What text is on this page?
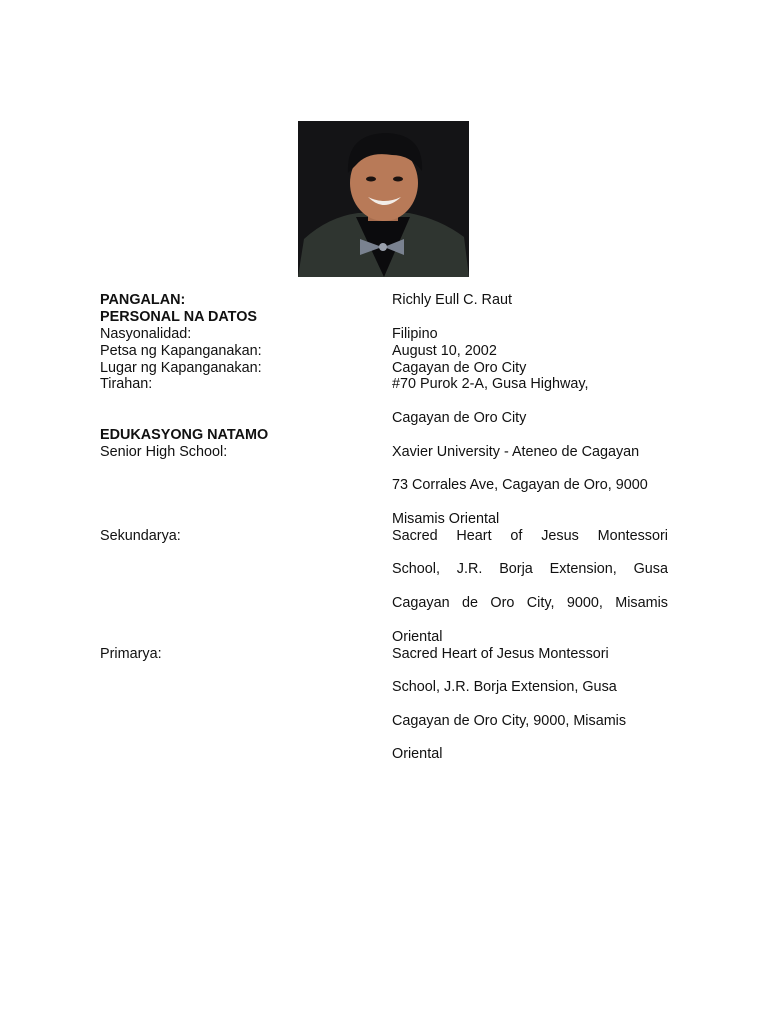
PANGALAN:	Richly Eull C. Raut
PERSONAL NA DATOS
Nasyonalidad:	Filipino
Petsa ng Kapanganakan:	August 10, 2002
Lugar ng Kapanganakan:	Cagayan de Oro City
Tirahan:	#70 Purok 2-A, Gusa Highway,
Cagayan de Oro City
EDUKASYONG NATAMO
Senior High School:	Xavier University - Ateneo de Cagayan
73 Corrales Ave, Cagayan de Oro, 9000
Misamis Oriental
Sekundarya:	Sacred Heart of Jesus Montessori
School, J.R. Borja Extension, Gusa
Cagayan de Oro City, 9000, Misamis
Oriental
Primarya:	Sacred Heart of Jesus Montessori
School, J.R. Borja Extension, Gusa
Cagayan de Oro City, 9000, Misamis
Oriental
